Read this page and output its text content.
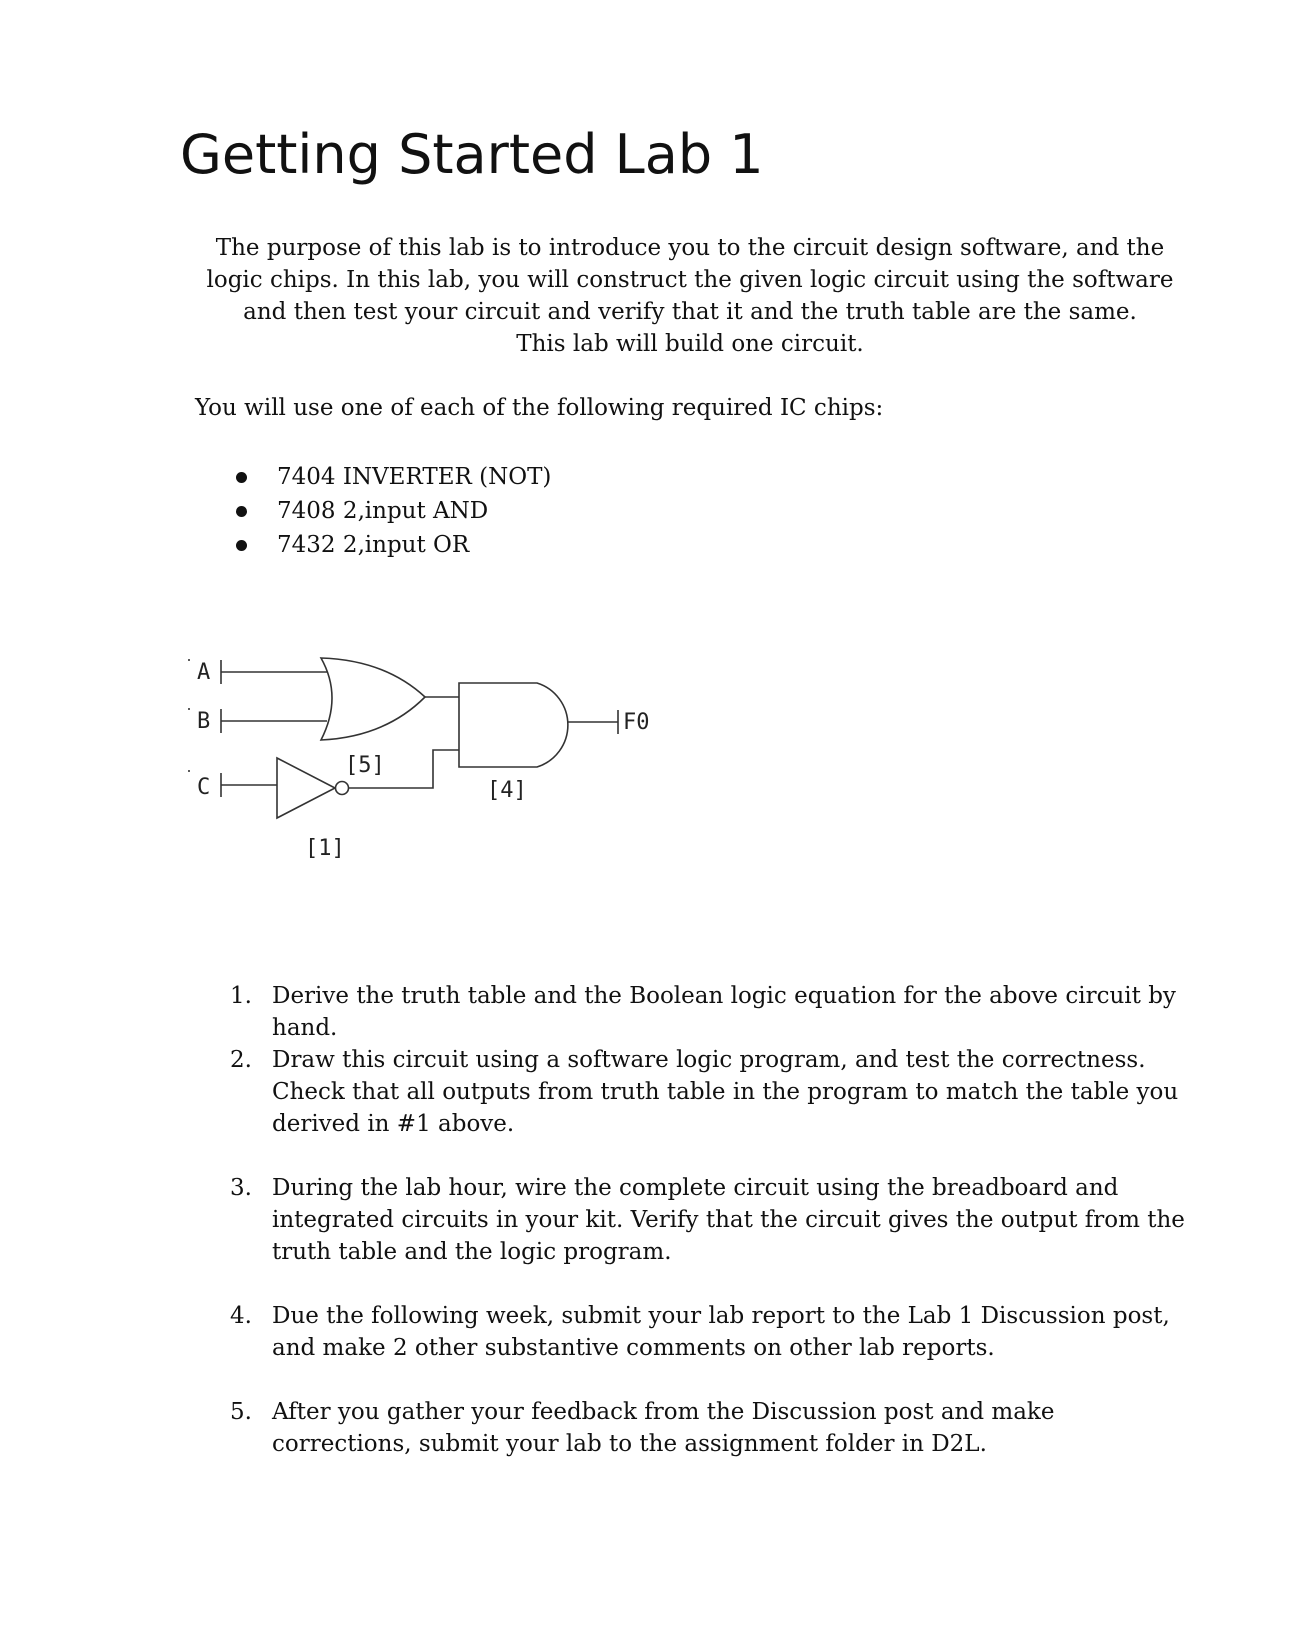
Getting Started Lab 1

The purpose of this lab is to introduce you to the circuit design software, and the

logic chips. In this lab, you will construct the given logic circuit using the software

and then test your circuit and verify that it and the truth table are the same.

This lab will build one circuit.

You will use one of each of the following required IC chips:

7404 INVERTER (NOT)
7408 2‚input AND
7432 2‚input OR
A
B
C
F0
[5]
[4]
[1]
1. Derive the truth table and the Boolean logic equation for the above circuit by hand.
2. Draw this circuit using a software logic program, and test the correctness. Check that all outputs from truth table in the program to match the table you derived in #1 above.
3. During the lab hour, wire the complete circuit using the breadboard and integrated circuits in your kit. Verify that the circuit gives the output from the truth table and the logic program.
4. Due the following week, submit your lab report to the Lab 1 Discussion post, and make 2 other substantive comments on other lab reports.
5. After you gather your feedback from the Discussion post and make corrections, submit your lab to the assignment folder in D2L.
